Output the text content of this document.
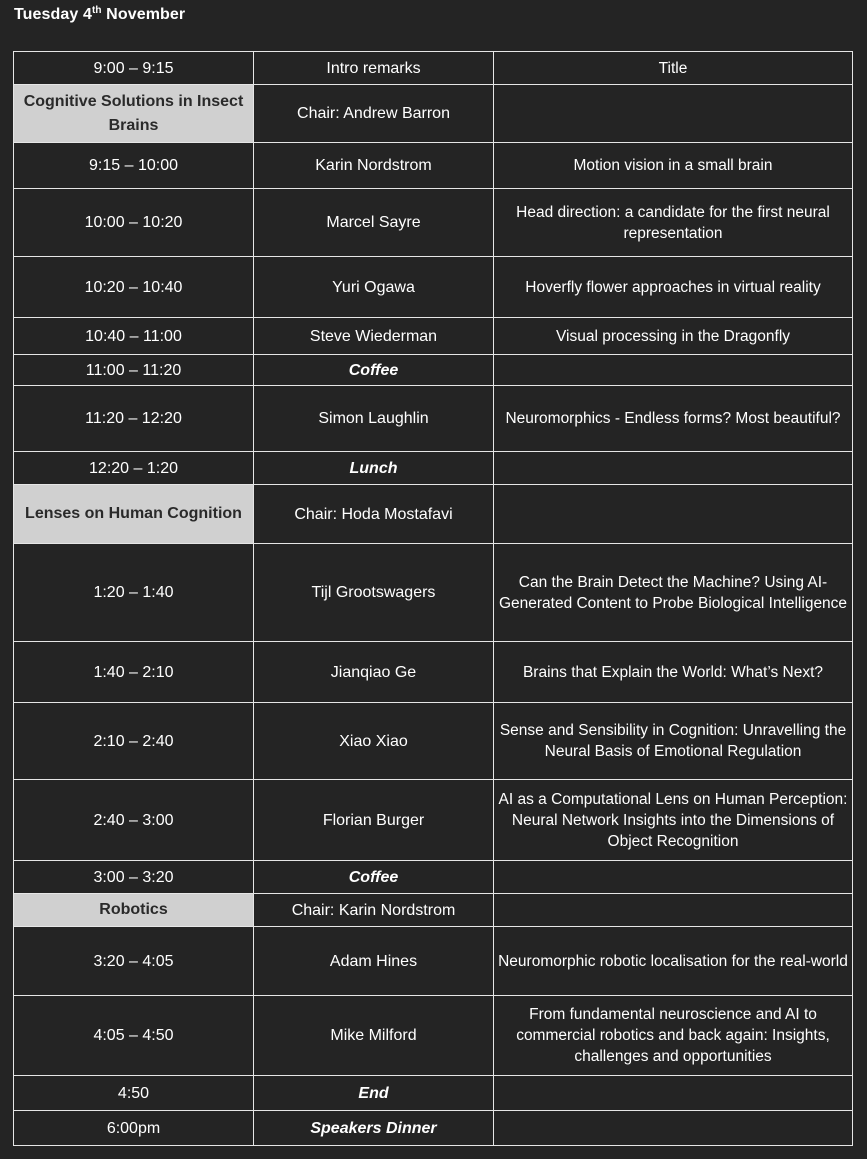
Tuesday 4th November
9:00 – 9:15	Intro remarks	Title
Cognitive Solutions in Insect Brains	Chair: Andrew Barron	
9:15 – 10:00	Karin Nordstrom	Motion vision in a small brain
10:00 – 10:20	Marcel Sayre	Head direction: a candidate for the first neural representation
10:20 – 10:40	Yuri Ogawa	Hoverfly flower approaches in virtual reality
10:40 – 11:00	Steve Wiederman	Visual processing in the Dragonfly
11:00 – 11:20	Coffee	
11:20 – 12:20	Simon Laughlin	Neuromorphics - Endless forms? Most beautiful?
12:20 – 1:20	Lunch	
Lenses on Human Cognition	Chair: Hoda Mostafavi	
1:20 – 1:40	Tijl Grootswagers	Can the Brain Detect the Machine? Using AI-Generated Content to Probe Biological Intelligence
1:40 – 2:10	Jianqiao Ge	Brains that Explain the World: What’s Next?
2:10 – 2:40	Xiao Xiao	Sense and Sensibility in Cognition: Unravelling the Neural Basis of Emotional Regulation
2:40 – 3:00	Florian Burger	AI as a Computational Lens on Human Perception: Neural Network Insights into the Dimensions of Object Recognition
3:00 – 3:20	Coffee	
Robotics	Chair: Karin Nordstrom	
3:20 – 4:05	Adam Hines	Neuromorphic robotic localisation for the real-world
4:05 – 4:50	Mike Milford	From fundamental neuroscience and AI to commercial robotics and back again: Insights, challenges and opportunities
4:50	End	
6:00pm	Speakers Dinner	
